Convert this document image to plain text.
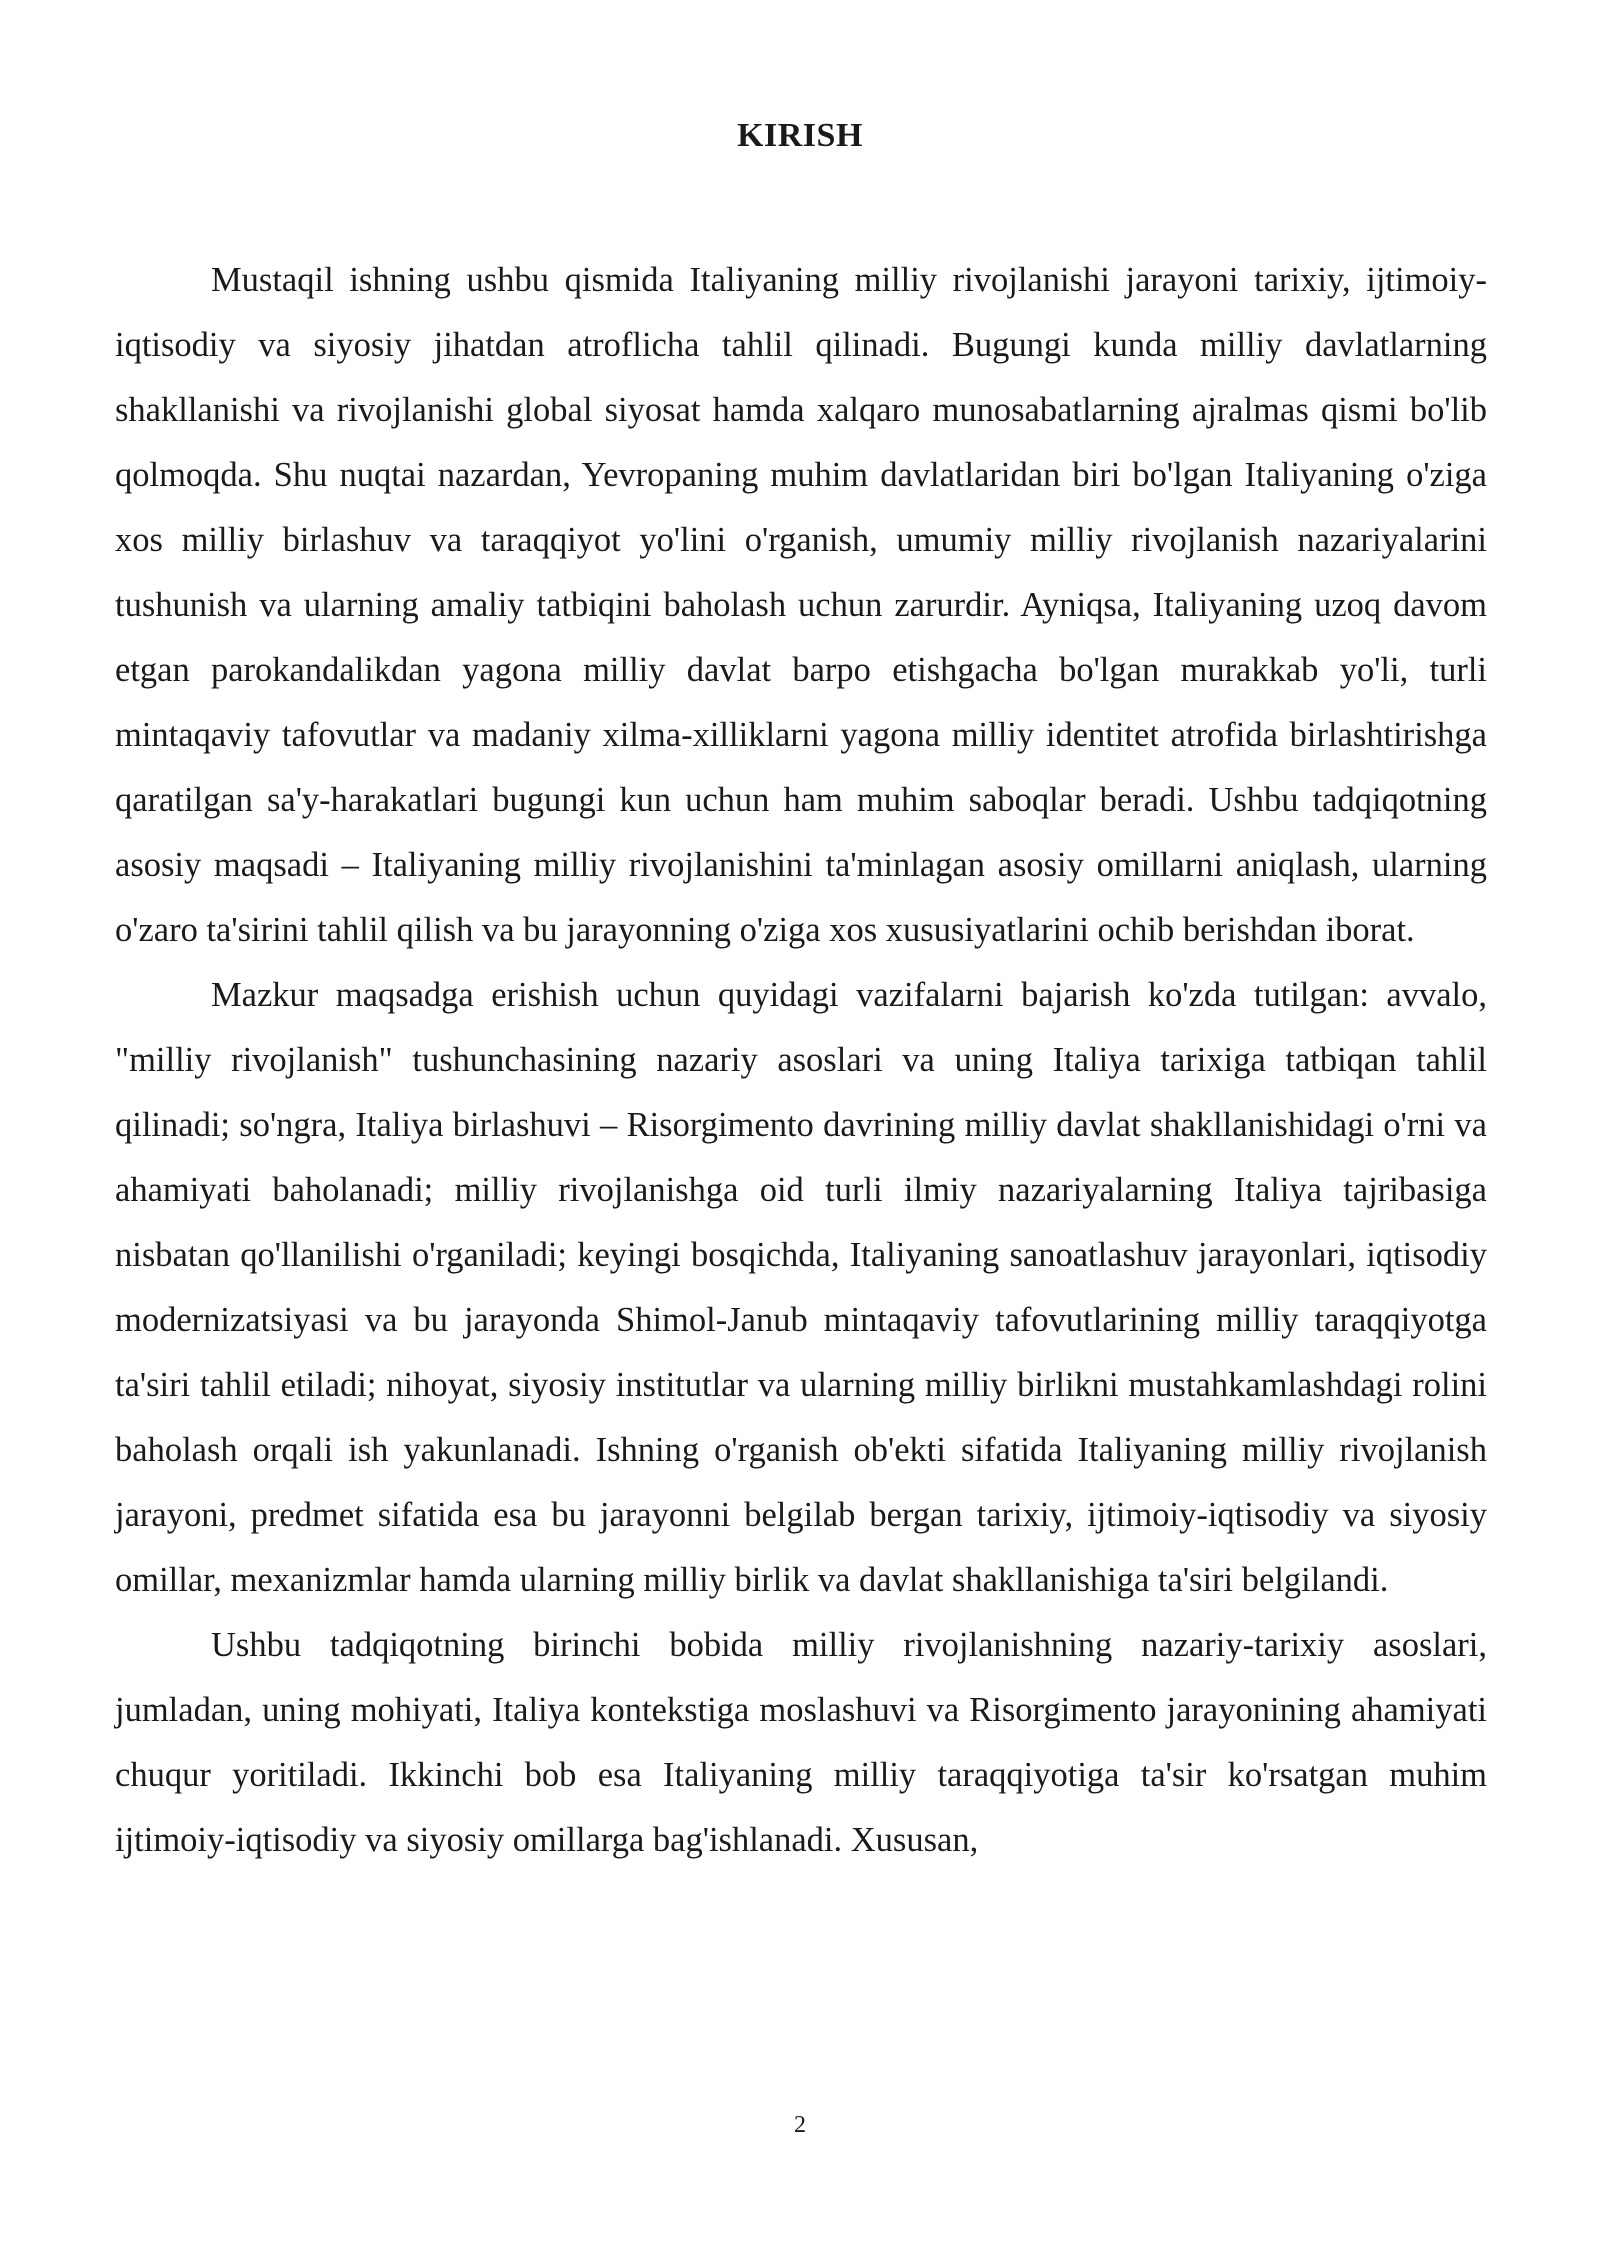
KIRISH

Mustaqil ishning ushbu qismida Italiyaning milliy rivojlanishi jarayoni tarixiy, ijtimoiy-iqtisodiy va siyosiy jihatdan atroflicha tahlil qilinadi. Bugungi kunda milliy davlatlarning shakllanishi va rivojlanishi global siyosat hamda xalqaro munosabatlarning ajralmas qismi bo'lib qolmoqda. Shu nuqtai nazardan, Yevropaning muhim davlatlaridan biri bo'lgan Italiyaning o'ziga xos milliy birlashuv va taraqqiyot yo'lini o'rganish, umumiy milliy rivojlanish nazariyalarini tushunish va ularning amaliy tatbiqini baholash uchun zarurdir. Ayniqsa, Italiyaning uzoq davom etgan parokandalikdan yagona milliy davlat barpo etishgacha bo'lgan murakkab yo'li, turli mintaqaviy tafovutlar va madaniy xilma-xilliklarni yagona milliy identitet atrofida birlashtirishga qaratilgan sa'y-harakatlari bugungi kun uchun ham muhim saboqlar beradi. Ushbu tadqiqotning asosiy maqsadi – Italiyaning milliy rivojlanishini ta'minlagan asosiy omillarni aniqlash, ularning o'zaro ta'sirini tahlil qilish va bu jarayonning o'ziga xos xususiyatlarini ochib berishdan iborat.

Mazkur maqsadga erishish uchun quyidagi vazifalarni bajarish ko'zda tutilgan: avvalo, "milliy rivojlanish" tushunchasining nazariy asoslari va uning Italiya tarixiga tatbiqan tahlil qilinadi; so'ngra, Italiya birlashuvi – Risorgimento davrining milliy davlat shakllanishidagi o'rni va ahamiyati baholanadi; milliy rivojlanishga oid turli ilmiy nazariyalarning Italiya tajribasiga nisbatan qo'llanilishi o'rganiladi; keyingi bosqichda, Italiyaning sanoatlashuv jarayonlari, iqtisodiy modernizatsiyasi va bu jarayonda Shimol-Janub mintaqaviy tafovutlarining milliy taraqqiyotga ta'siri tahlil etiladi; nihoyat, siyosiy institutlar va ularning milliy birlikni mustahkamlashdagi rolini baholash orqali ish yakunlanadi. Ishning o'rganish ob'ekti sifatida Italiyaning milliy rivojlanish jarayoni, predmet sifatida esa bu jarayonni belgilab bergan tarixiy, ijtimoiy-iqtisodiy va siyosiy omillar, mexanizmlar hamda ularning milliy birlik va davlat shakllanishiga ta'siri belgilandi.

Ushbu tadqiqotning birinchi bobida milliy rivojlanishning nazariy-tarixiy asoslari, jumladan, uning mohiyati, Italiya kontekstiga moslashuvi va Risorgimento jarayonining ahamiyati chuqur yoritiladi. Ikkinchi bob esa Italiyaning milliy taraqqiyotiga ta'sir ko'rsatgan muhim ijtimoiy-iqtisodiy va siyosiy omillarga bag'ishlanadi. Xususan,

2
